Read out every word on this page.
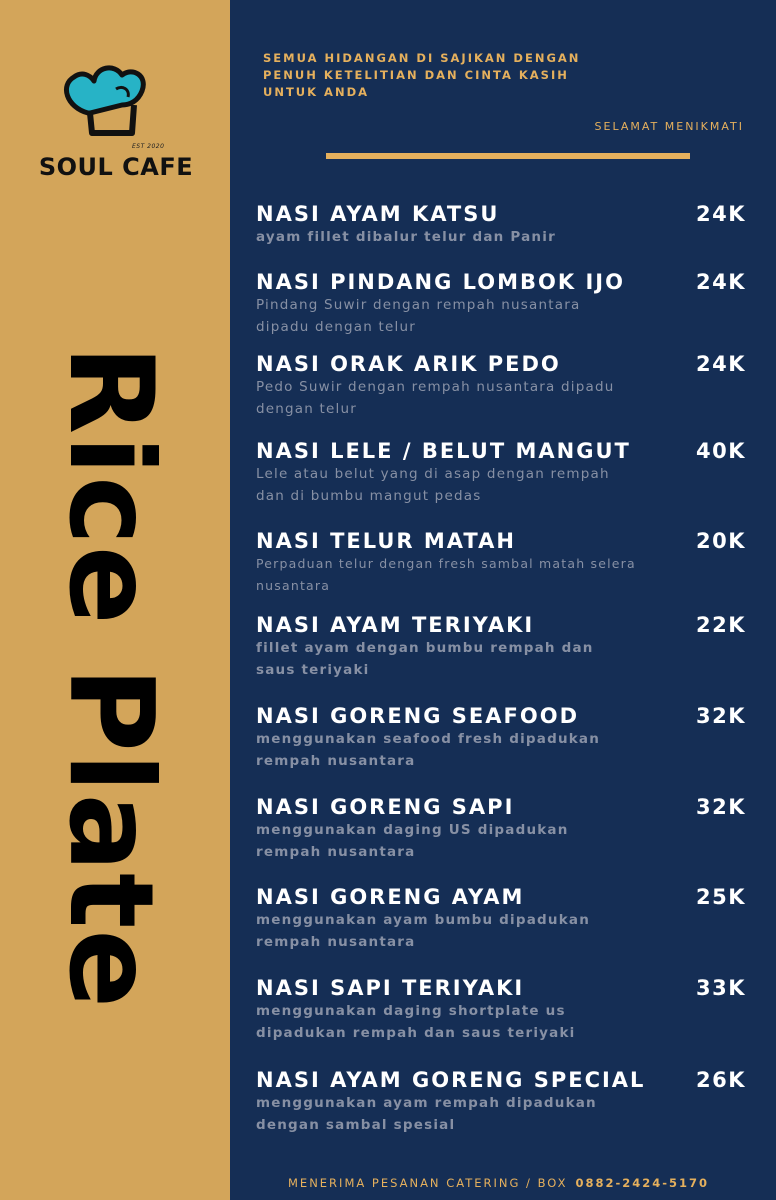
EST 2020
SOUL CAFE
Rice Plate
SEMUA HIDANGAN DI SAJIKAN DENGAN PENUH KETELITIAN DAN CINTA KASIH UNTUK ANDA
SELAMAT MENIKMATI
NASI AYAM KATSU	24K
ayam fillet dibalur telur dan Panir
NASI PINDANG LOMBOK IJO	24K
Pindang Suwir dengan rempah nusantara dipadu dengan telur
NASI ORAK ARIK PEDO	24K
Pedo Suwir dengan rempah nusantara dipadu dengan telur
NASI LELE / BELUT MANGUT	40K
Lele atau belut yang di asap dengan rempah dan di bumbu mangut pedas
NASI TELUR MATAH	20K
Perpaduan telur dengan fresh sambal matah selera nusantara
NASI AYAM TERIYAKI	22K
fillet ayam dengan bumbu rempah dan saus teriyaki
NASI GORENG SEAFOOD	32K
menggunakan seafood fresh dipadukan rempah nusantara
NASI GORENG SAPI	32K
menggunakan daging US dipadukan rempah nusantara
NASI GORENG AYAM	25K
menggunakan ayam bumbu dipadukan rempah nusantara
NASI SAPI TERIYAKI	33K
menggunakan daging shortplate us dipadukan rempah dan saus teriyaki
NASI AYAM GORENG SPECIAL	26K
menggunakan ayam rempah dipadukan dengan sambal spesial
MENERIMA PESANAN CATERING / BOX 0882-2424-5170
